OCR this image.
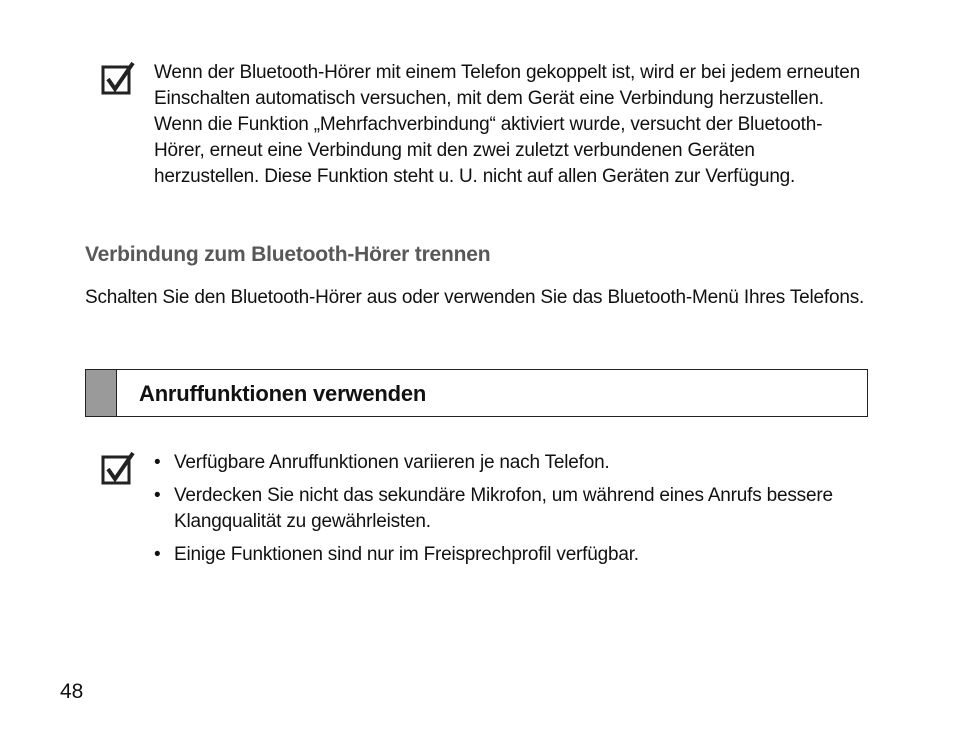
Wenn der Bluetooth-Hörer mit einem Telefon gekoppelt ist, wird er bei jedem erneuten Einschalten automatisch versuchen, mit dem Gerät eine Verbindung herzustellen. Wenn die Funktion „Mehrfachverbindung“ aktiviert wurde, versucht der Bluetooth-Hörer, erneut eine Verbindung mit den zwei zuletzt verbundenen Geräten herzustellen. Diese Funktion steht u. U. nicht auf allen Geräten zur Verfügung.

Verbindung zum Bluetooth-Hörer trennen

Schalten Sie den Bluetooth-Hörer aus oder verwenden Sie das Bluetooth-Menü Ihres Telefons.

Anruffunktionen verwenden
• Verfügbare Anruffunktionen variieren je nach Telefon.
• Verdecken Sie nicht das sekundäre Mikrofon, um während eines Anrufs bessere Klangqualität zu gewährleisten.
• Einige Funktionen sind nur im Freisprechprofil verfügbar.

48
